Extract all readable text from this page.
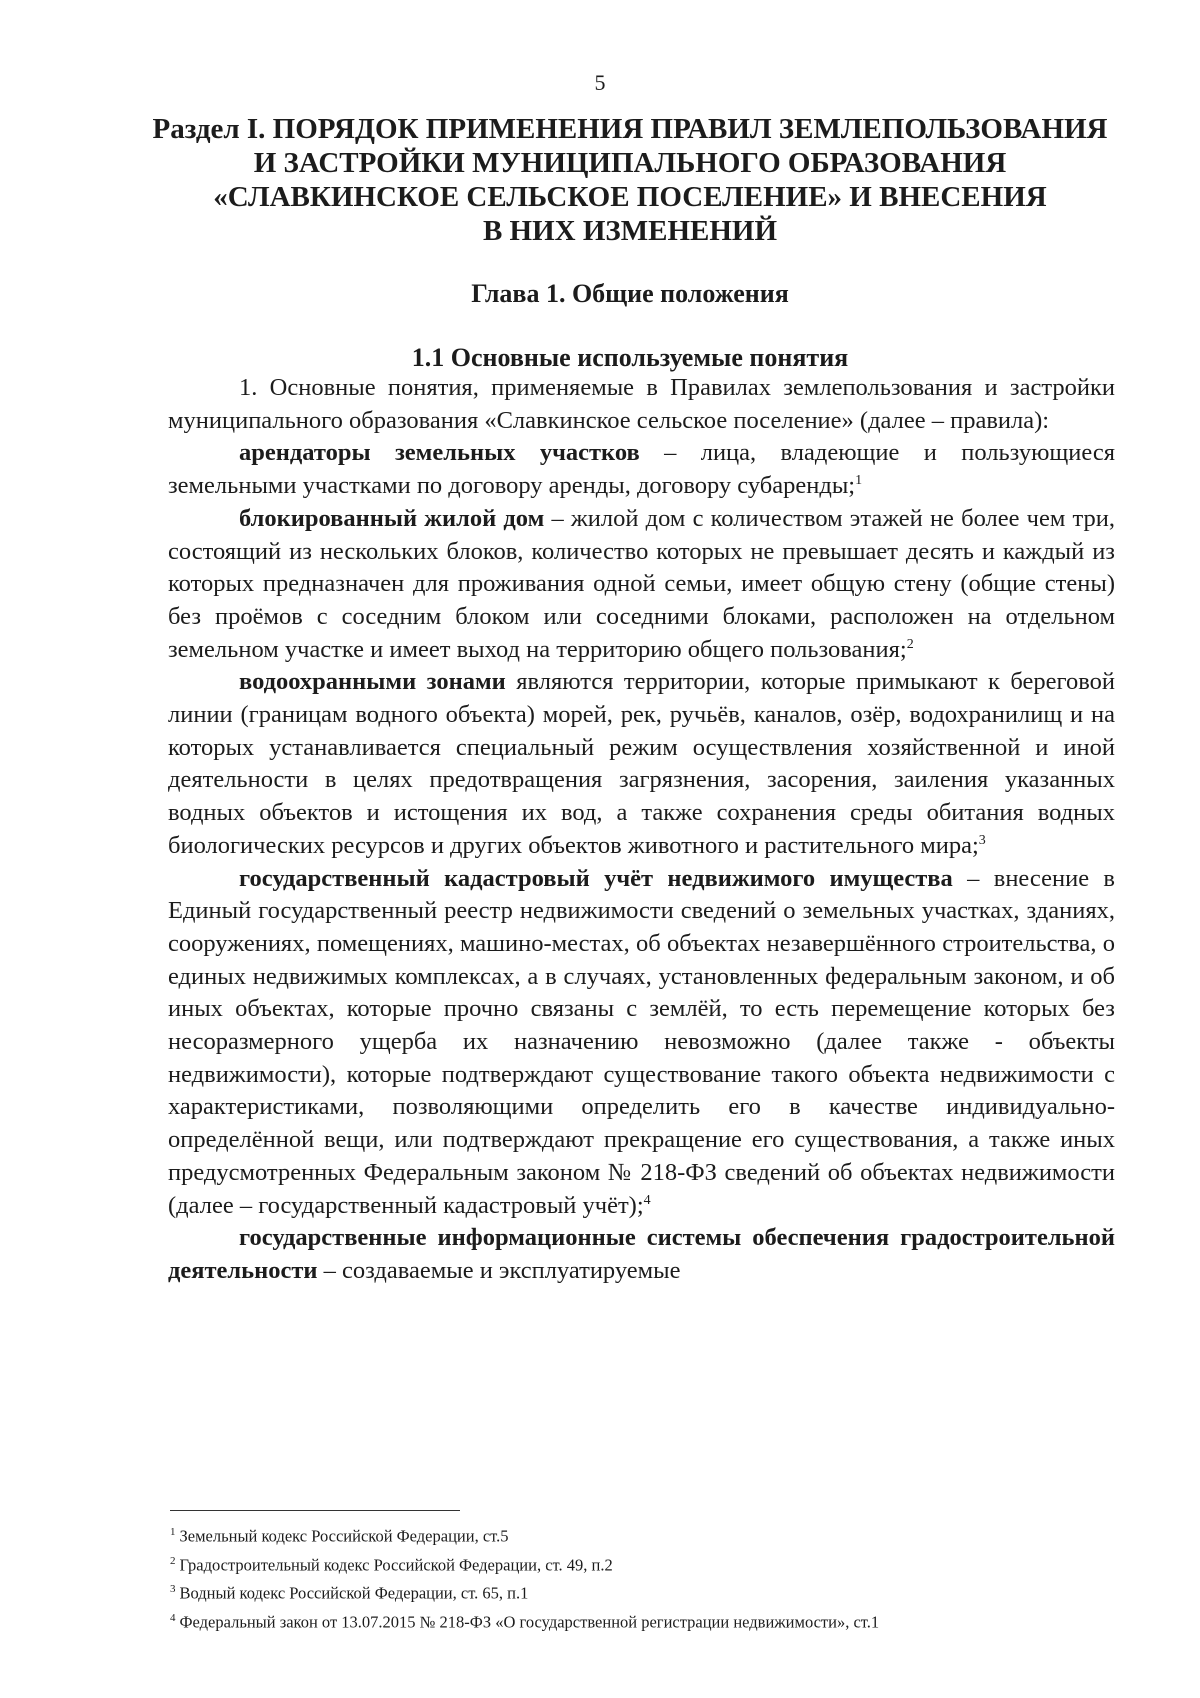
5
Раздел I. ПОРЯДОК ПРИМЕНЕНИЯ ПРАВИЛ ЗЕМЛЕПОЛЬЗОВАНИЯ
И ЗАСТРОЙКИ МУНИЦИПАЛЬНОГО ОБРАЗОВАНИЯ
«СЛАВКИНСКОЕ СЕЛЬСКОЕ ПОСЕЛЕНИЕ» И ВНЕСЕНИЯ
В НИХ ИЗМЕНЕНИЙ
Глава 1. Общие положения
1.1 Основные используемые понятия

1. Основные понятия, применяемые в Правилах землепользования и застройки муниципального образования «Славкинское сельское поселение» (далее – правила):

арендаторы земельных участков – лица, владеющие и пользующиеся земельными участками по договору аренды, договору субаренды;$^1$

блокированный жилой дом – жилой дом с количеством этажей не более чем три, состоящий из нескольких блоков, количество которых не превышает десять и каждый из которых предназначен для проживания одной семьи, имеет общую стену (общие стены) без проёмов с соседним блоком или соседними блоками, расположен на отдельном земельном участке и имеет выход на территорию общего пользования;$^2$

водоохранными зонами являются территории, которые примыкают к береговой линии (границам водного объекта) морей, рек, ручьёв, каналов, озёр, водохранилищ и на которых устанавливается специальный режим осуществления хозяйственной и иной деятельности в целях предотвращения загрязнения, засорения, заиления указанных водных объектов и истощения их вод, а также сохранения среды обитания водных биологических ресурсов и других объектов животного и растительного мира;$^3$

государственный кадастровый учёт недвижимого имущества – внесение в Единый государственный реестр недвижимости сведений о земельных участках, зданиях, сооружениях, помещениях, машино-местах, об объектах незавершённого строительства, о единых недвижимых комплексах, а в случаях, установленных федеральным законом, и об иных объектах, которые прочно связаны с землёй, то есть перемещение которых без несоразмерного ущерба их назначению невозможно (далее также - объекты недвижимости), которые подтверждают существование такого объекта недвижимости с характеристиками, позволяющими определить его в качестве индивидуально-определённой вещи, или подтверждают прекращение его существования, а также иных предусмотренных Федеральным законом № 218-ФЗ сведений об объектах недвижимости (далее – государственный кадастровый учёт);$^4$

государственные информационные системы обеспечения градостроительной деятельности – создаваемые и эксплуатируемые

$^1$ Земельный кодекс Российской Федерации, ст.5
$^2$ Градостроительный кодекс Российской Федерации, ст. 49, п.2
$^3$ Водный кодекс Российской Федерации, ст. 65, п.1
$^4$ Федеральный закон от 13.07.2015 № 218-ФЗ «О государственной регистрации недвижимости», ст.1
